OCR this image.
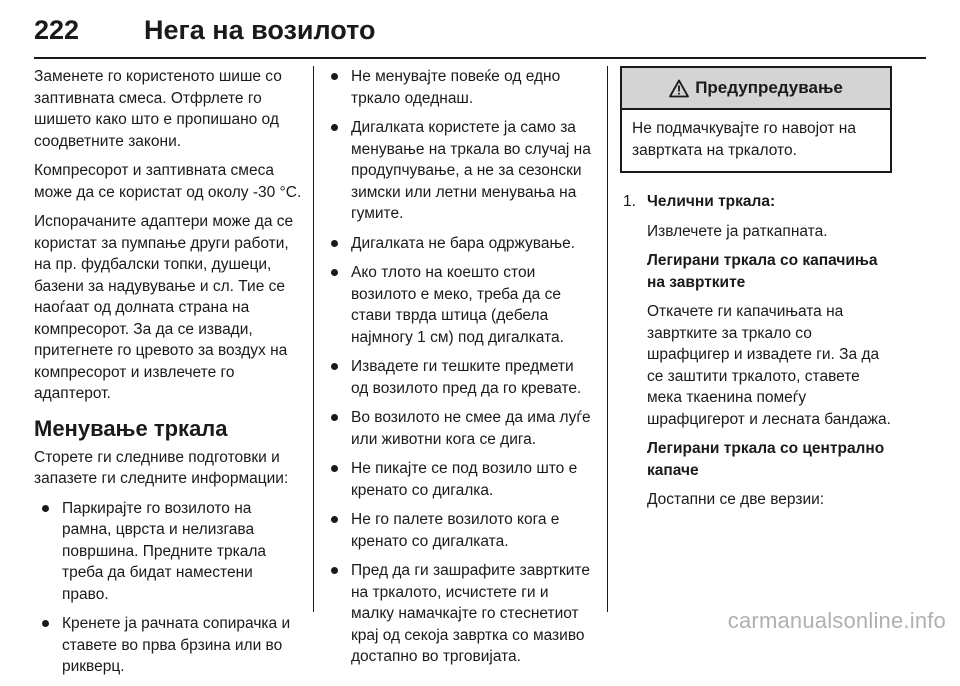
222 Нега на возилото

Заменете го користеното шише со заптивната смеса. Отфрлете го шишето како што е пропишано од соодветните закони.

Компресорот и заптивната смеса може да се користат од околу -30 °C.

Испорачаните адаптери може да се користат за пумпање други работи, на пр. фудбалски топки, душеци, базени за надувување и сл. Тие се наоѓаат од долната страна на компресорот. За да се извади, притегнете го цревото за воздух на компресорот и извлечете го адаптерот.

Менување тркала

Сторете ги следниве подготовки и запазете ги следните информации:

Паркирајте го возилото на рамна, цврста и нелизгава површина. Предните тркала треба да бидат наместени право.
Кренете ја рачната сопирачка и ставете во прва брзина или во рикверц.
Не менувајте повеќе од едно тркало одеднаш.
Дигалката користете ја само за менување на тркала во случај на продупчување, а не за сезонски зимски или летни менувања на гумите.
Дигалката не бара одржување.
Ако тлото на коешто стои возилото е меко, треба да се стави тврда штица (дебела најмногу 1 см) под дигалката.
Извадете ги тешките предмети од возилото пред да го кревате.
Во возилото не смее да има луѓе или животни кога се дига.
Не пикајте се под возило што е кренато со дигалка.
Не го палете возилото кога е кренато со дигалката.
Пред да ги зашрафите завртките на тркалото, исчистете ги и малку намачкајте го стеснетиот крај од секоја завртка со мазиво достапно во трговијата.
Предупредување
Не подмачкувајте го навојот на завртката на тркалото.
1. Челични тркала:

Извлечете ја раткапната.

Легирани тркала со капачиња на завртките

Откачете ги капачињата на завртките за тркало со шрафцигер и извадете ги. За да се заштити тркалото, ставете мека ткаенина помеѓу шрафцигерот и лесната бандажа.

Легирани тркала со централно капаче

Достапни се две верзии:

carmanualsonline.info
